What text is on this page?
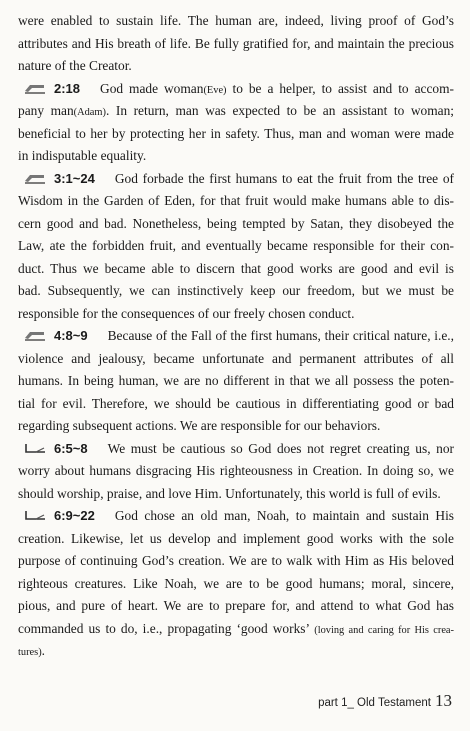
were enabled to sustain life. The human are, indeed, living proof of God’s
attributes and His breath of life. Be fully gratified for, and maintain the precious
nature of the Creator.
2:18 God made woman(Eve) to be a helper, to assist and to accom-
pany man(Adam). In return, man was expected to be an assistant to woman;
beneficial to her by protecting her in safety. Thus, man and woman were made
in indisputable equality.
3:1~24 God forbade the first humans to eat the fruit from the tree of
Wisdom in the Garden of Eden, for that fruit would make humans able to dis-
cern good and bad. Nonetheless, being tempted by Satan, they disobeyed the
Law, ate the forbidden fruit, and eventually became responsible for their con-
duct. Thus we became able to discern that good works are good and evil is
bad. Subsequently, we can instinctively keep our freedom, but we must be
responsible for the consequences of our freely chosen conduct.
4:8~9 Because of the Fall of the first humans, their critical nature, i.e.,
violence and jealousy, became unfortunate and permanent attributes of all
humans. In being human, we are no different in that we all possess the poten-
tial for evil. Therefore, we should be cautious in differentiating good or bad
regarding subsequent actions. We are responsible for our behaviors.
6:5~8 We must be cautious so God does not regret creating us, nor
worry about humans disgracing His righteousness in Creation. In doing so, we
should worship, praise, and love Him. Unfortunately, this world is full of evils.
6:9~22 God chose an old man, Noah, to maintain and sustain His
creation. Likewise, let us develop and implement good works with the sole
purpose of continuing God’s creation. We are to walk with Him as His beloved
righteous creatures. Like Noah, we are to be good humans; moral, sincere,
pious, and pure of heart. We are to prepare for, and attend to what God has
commanded us to do, i.e., propagating ‘good works’ (loving and caring for His crea-
tures).
part 1_ Old Testament 13
